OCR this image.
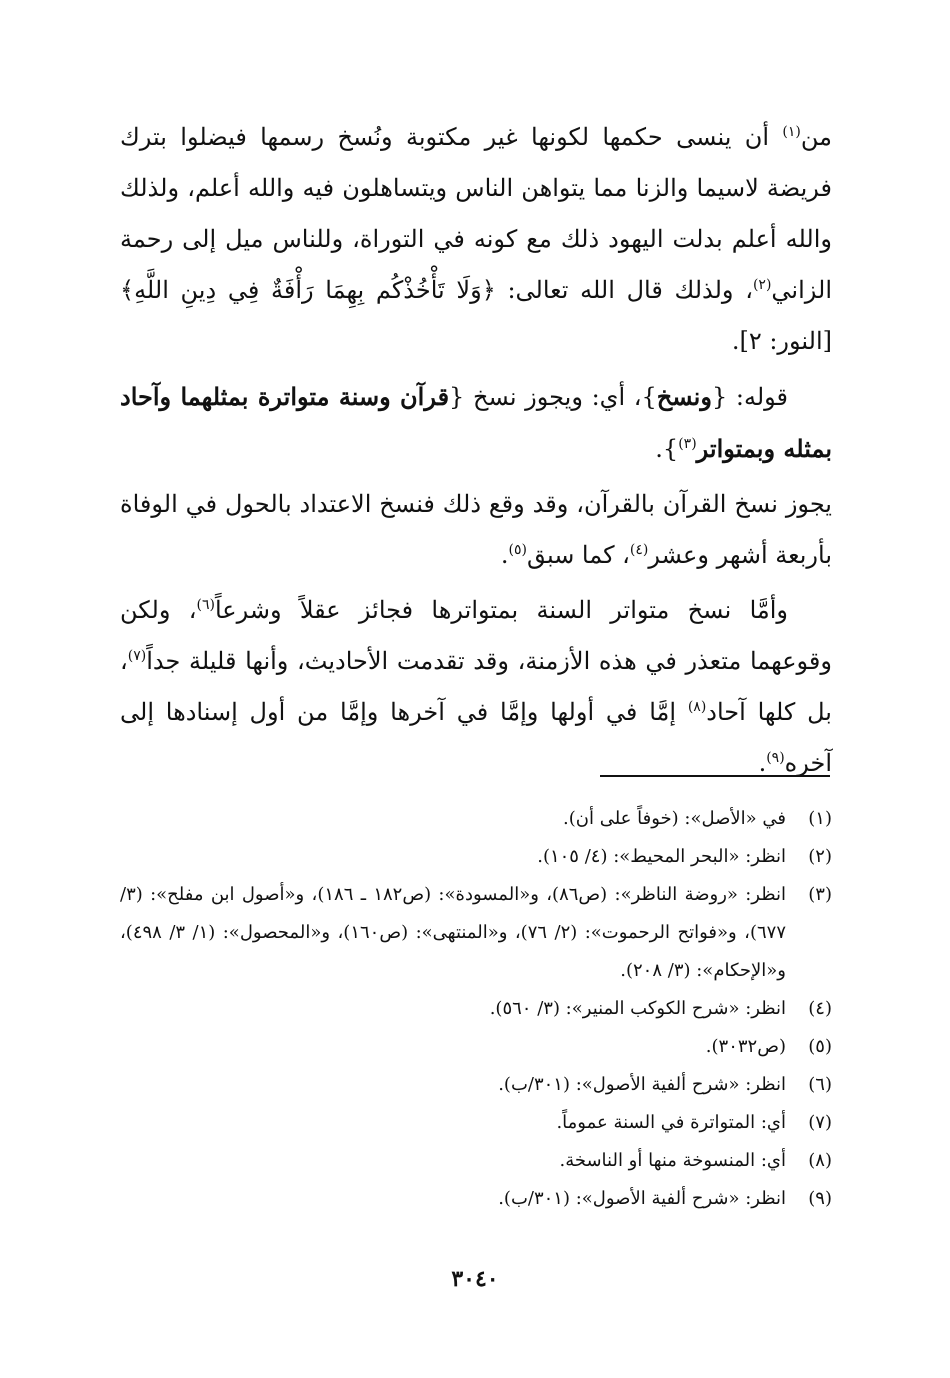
من$^{(١)}$ أن ينسى حكمها لكونها غير مكتوبة ونُسخ رسمها فيضلوا بترك فريضة لاسيما والزنا مما يتواهن الناس ويتساهلون فيه والله أعلم، ولذلك والله أعلم بدلت اليهود ذلك مع كونه في التوراة، وللناس ميل إلى رحمة الزاني$^{(٢)}$، ولذلك قال الله تعالى: ﴿وَلَا تَأْخُذْكُم بِهِمَا رَأْفَةٌ فِي دِينِ اللَّهِ﴾ [النور: ٢].

قوله: {ونسخ}، أي: ويجوز نسخ {قرآن وسنة متواترة بمثلهما وآحاد بمثله وبمتواتر$^{(٣)}$}.

يجوز نسخ القرآن بالقرآن، وقد وقع ذلك فنسخ الاعتداد بالحول في الوفاة بأربعة أشهر وعشر$^{(٤)}$، كما سبق$^{(٥)}$.

وأمَّا نسخ متواتر السنة بمتواترها فجائز عقلاً وشرعاً$^{(٦)}$، ولكن وقوعهما متعذر في هذه الأزمنة، وقد تقدمت الأحاديث، وأنها قليلة جداً$^{(٧)}$، بل كلها آحاد$^{(٨)}$ إمَّا في أولها وإمَّا في آخرها وإمَّا من أول إسنادها إلى آخره$^{(٩)}$.

(١)
في «الأصل»: (خوفاً على أن).
(٢)
انظر: «البحر المحيط»: (٤/ ١٠٥).
(٣)
انظر: «روضة الناظر»: (ص٨٦)، و«المسودة»: (ص١٨٢ ـ ١٨٦)، و«أصول ابن مفلح»: (٣/ ٦٧٧)، و«فواتح الرحموت»: (٢/ ٧٦)، و«المنتهى»: (ص١٦٠)، و«المحصول»: (١/ ٣/ ٤٩٨)، و«الإحكام»: (٣/ ٢٠٨).
(٤)
انظر: «شرح الكوكب المنير»: (٣/ ٥٦٠).
(٥)
(ص٣٠٣٢).
(٦)
انظر: «شرح ألفية الأصول»: (٣٠١/ب).
(٧)
أي: المتواترة في السنة عموماً.
(٨)
أي: المنسوخة منها أو الناسخة.
(٩)
انظر: «شرح ألفية الأصول»: (٣٠١/ب).
٣٠٤٠
